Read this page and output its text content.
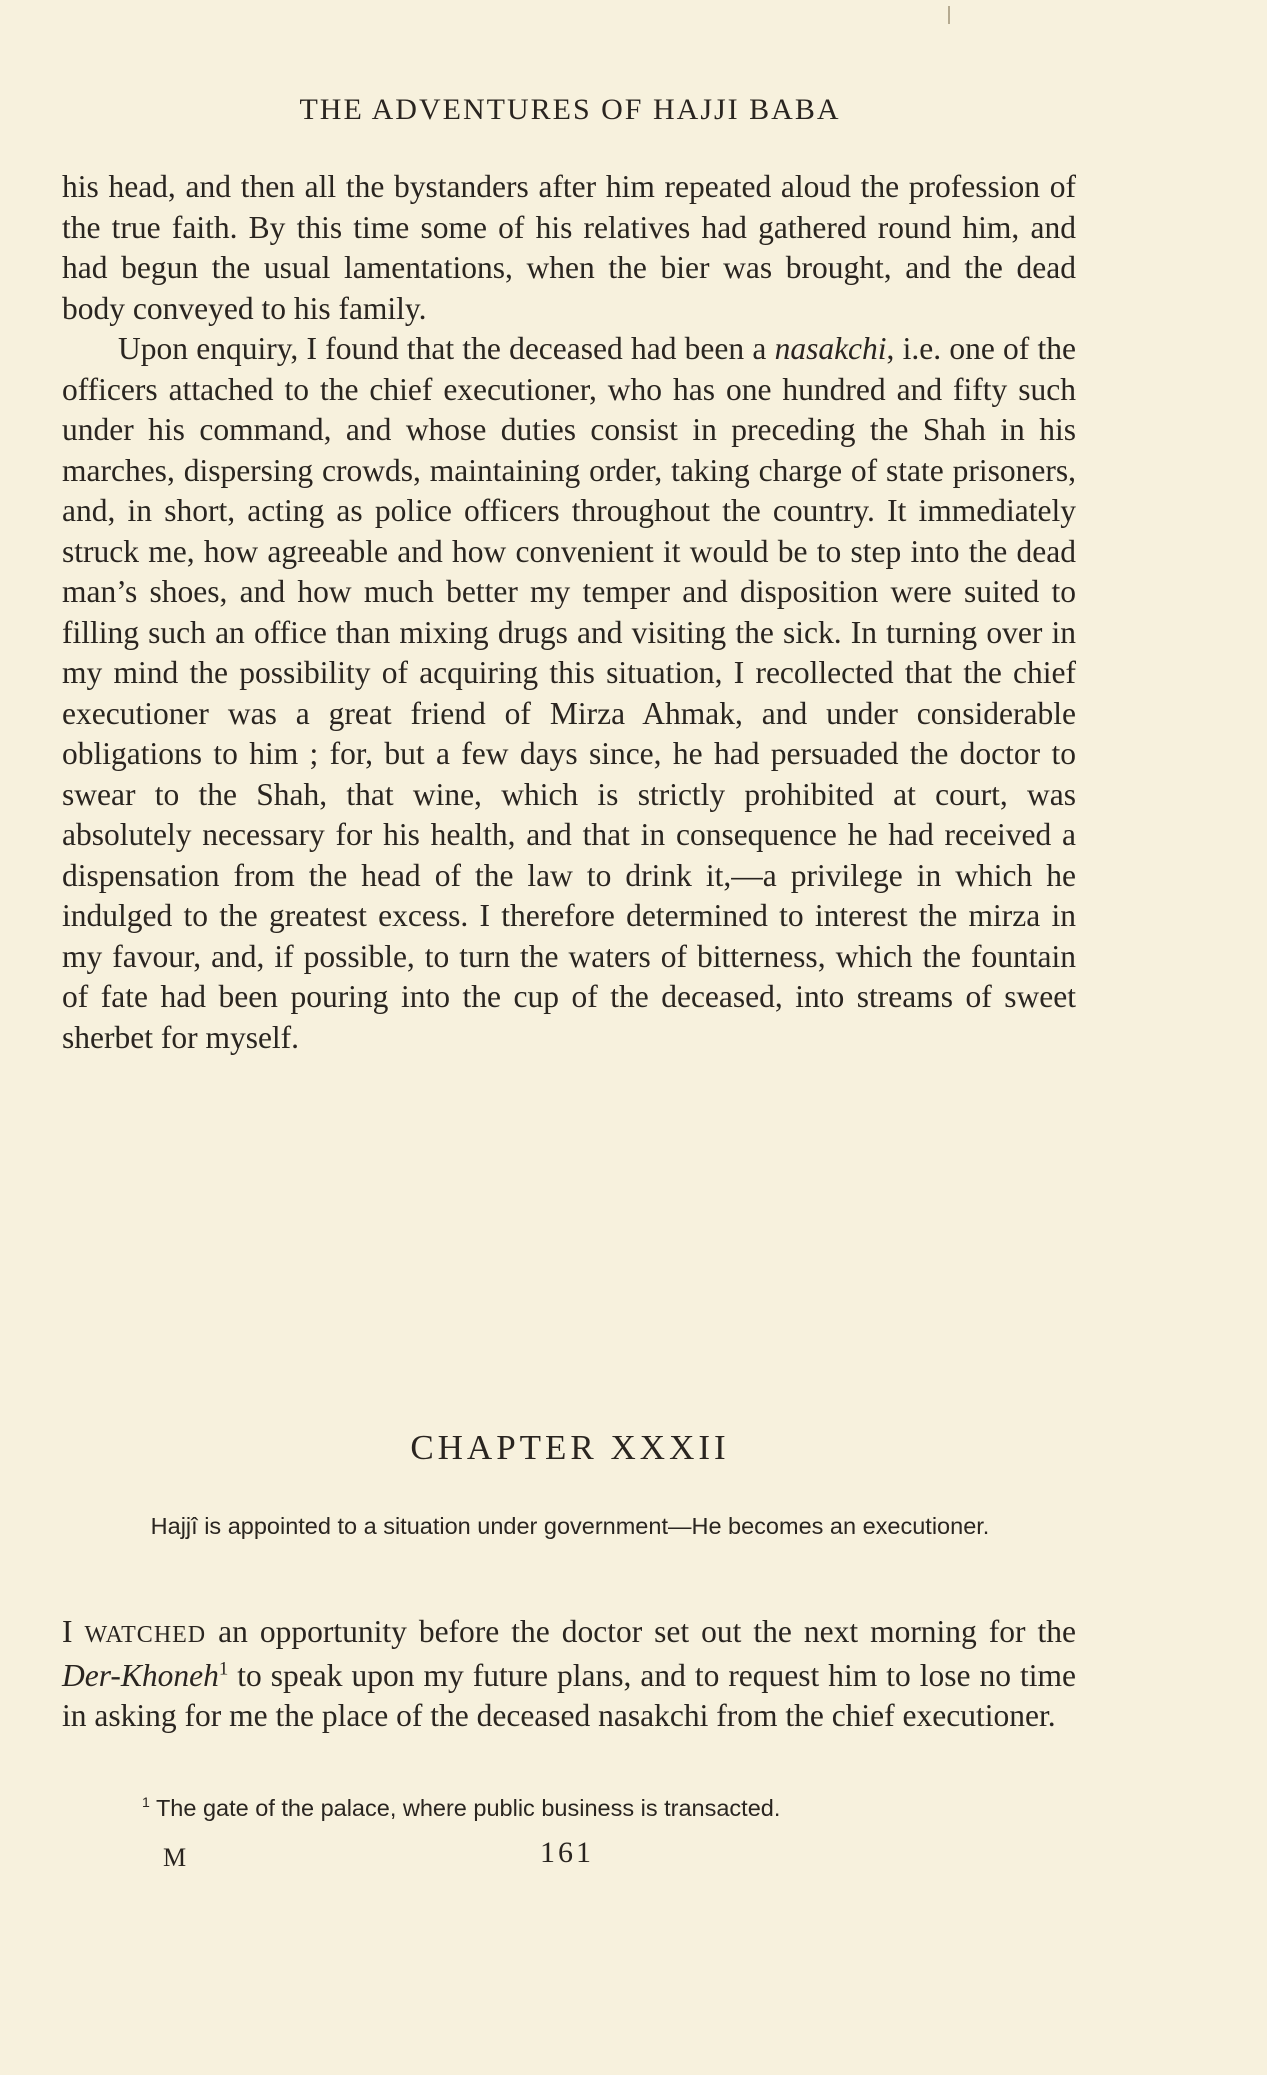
THE ADVENTURES OF HAJJI BABA

his head, and then all the bystanders after him repeated aloud the profession of the true faith. By this time some of his relatives had gathered round him, and had begun the usual lamentations, when the bier was brought, and the dead body conveyed to his family.

Upon enquiry, I found that the deceased had been a nasakchi, i.e. one of the officers attached to the chief executioner, who has one hundred and fifty such under his command, and whose duties consist in preceding the Shah in his marches, dispersing crowds, maintaining order, taking charge of state prisoners, and, in short, acting as police officers throughout the country. It immediately struck me, how agreeable and how convenient it would be to step into the dead man’s shoes, and how much better my temper and disposition were suited to filling such an office than mixing drugs and visiting the sick. In turning over in my mind the possibility of acquiring this situation, I recollected that the chief executioner was a great friend of Mirza Ahmak, and under considerable obligations to him ; for, but a few days since, he had persuaded the doctor to swear to the Shah, that wine, which is strictly prohibited at court, was absolutely necessary for his health, and that in consequence he had received a dispensation from the head of the law to drink it,—a privilege in which he indulged to the greatest excess. I therefore determined to interest the mirza in my favour, and, if possible, to turn the waters of bitterness, which the fountain of fate had been pouring into the cup of the deceased, into streams of sweet sherbet for myself.

CHAPTER XXXII
Hajjî is appointed to a situation under government—He becomes an executioner.

I WATCHED an opportunity before the doctor set out the next morning for the Der-Khoneh$^1$ to speak upon my future plans, and to request him to lose no time in asking for me the place of the deceased nasakchi from the chief executioner.

$^1$ The gate of the palace, where public business is transacted.
M	161
